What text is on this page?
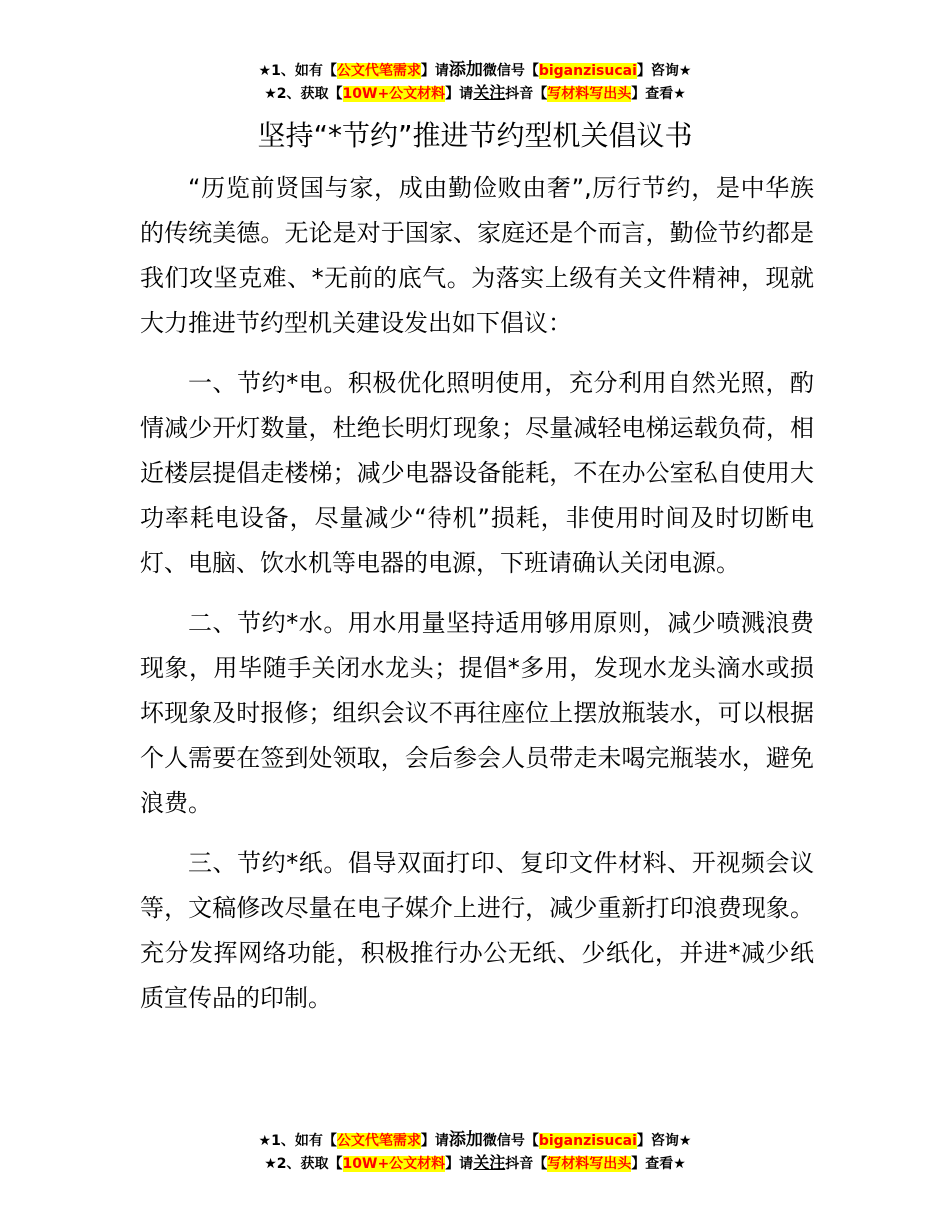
★1、如有【公文代笔需求】请添加微信号【biganzisucai】咨询★
★2、获取【10W+公文材料】请关注抖音【写材料写出头】查看★
坚持“*节约”推进节约型机关倡议书

“历览前贤国与家，成由勤俭败由奢”,厉行节约，是中华族的传统美德。无论是对于国家、家庭还是个而言，勤俭节约都是我们攻坚克难、*无前的底气。为落实上级有关文件精神，现就大力推进节约型机关建设发出如下倡议：

一、节约*电。积极优化照明使用，充分利用自然光照，酌情减少开灯数量，杜绝长明灯现象；尽量减轻电梯运载负荷，相近楼层提倡走楼梯；减少电器设备能耗，不在办公室私自使用大功率耗电设备，尽量减少“待机”损耗，非使用时间及时切断电灯、电脑、饮水机等电器的电源，下班请确认关闭电源。

二、节约*水。用水用量坚持适用够用原则，减少喷溅浪费现象，用毕随手关闭水龙头；提倡*多用，发现水龙头滴水或损坏现象及时报修；组织会议不再往座位上摆放瓶装水，可以根据个人需要在签到处领取，会后参会人员带走未喝完瓶装水，避免浪费。

三、节约*纸。倡导双面打印、复印文件材料、开视频会议等，文稿修改尽量在电子媒介上进行，减少重新打印浪费现象。充分发挥网络功能，积极推行办公无纸、少纸化，并进*减少纸质宣传品的印制。

★1、如有【公文代笔需求】请添加微信号【biganzisucai】咨询★
★2、获取【10W+公文材料】请关注抖音【写材料写出头】查看★
